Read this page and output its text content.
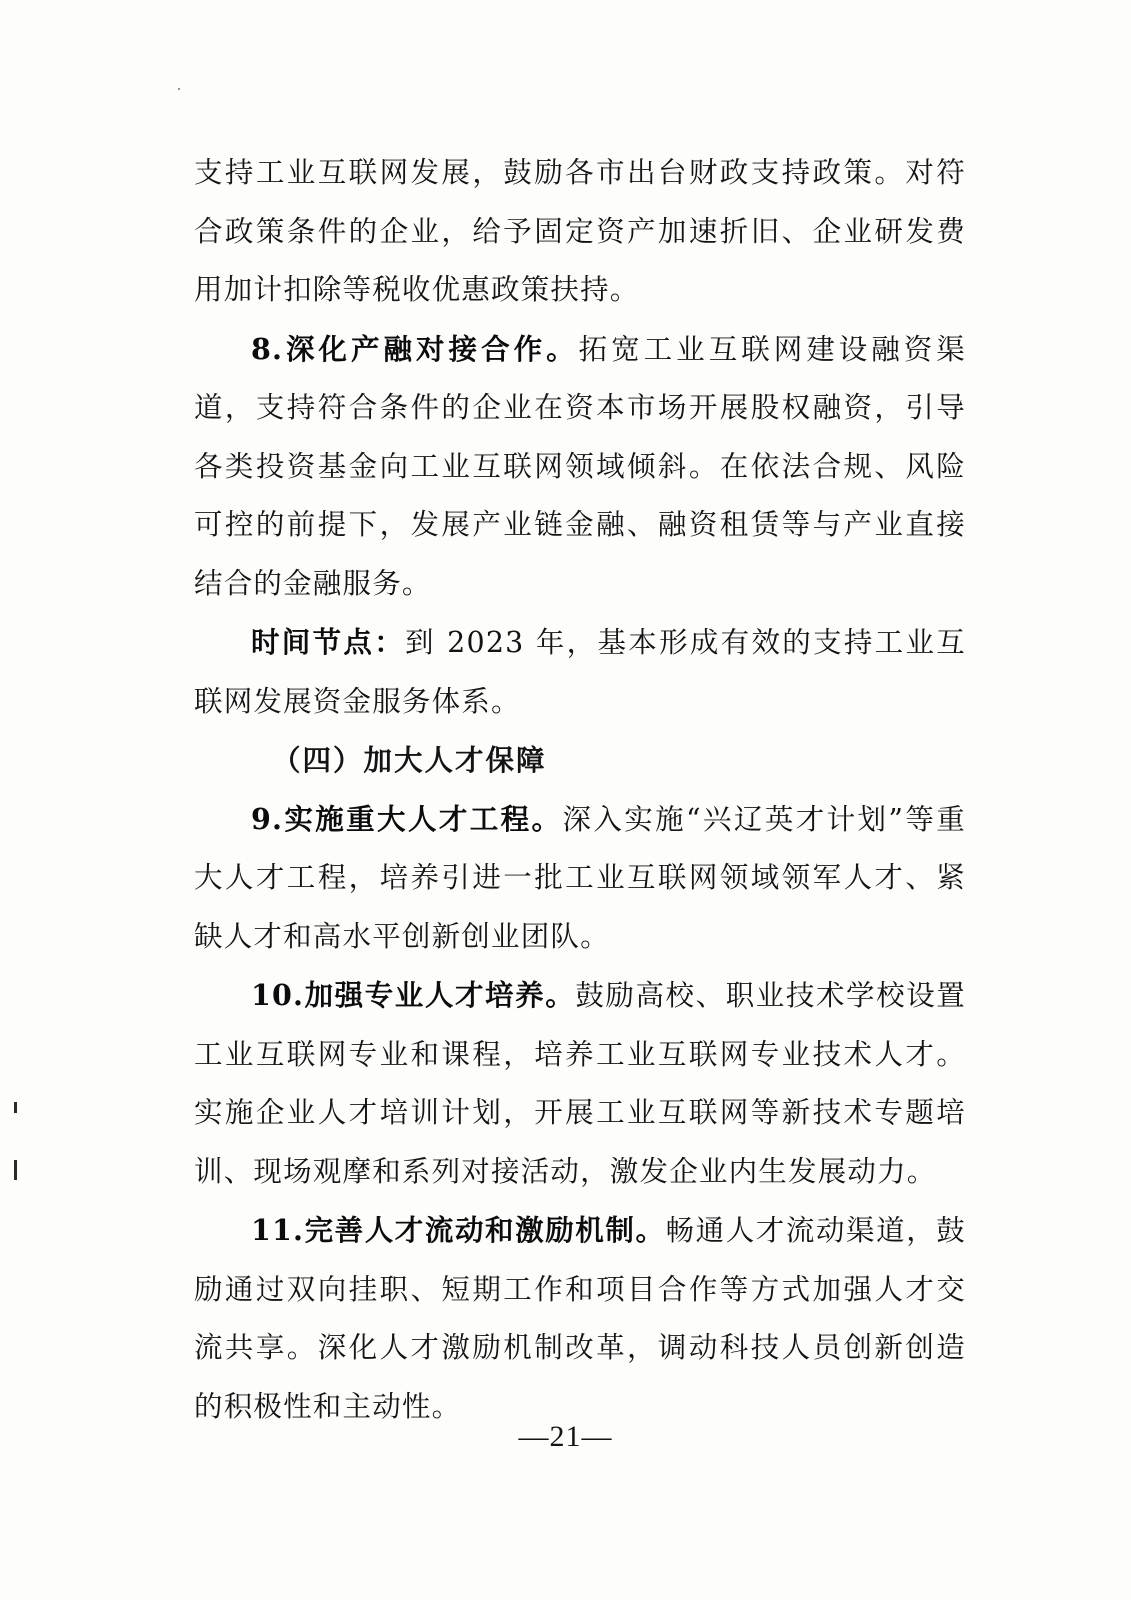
支持工业互联网发展，鼓励各市出台财政支持政策。对符合政策条件的企业，给予固定资产加速折旧、企业研发费用加计扣除等税收优惠政策扶持。

8.深化产融对接合作。拓宽工业互联网建设融资渠道，支持符合条件的企业在资本市场开展股权融资，引导各类投资基金向工业互联网领域倾斜。在依法合规、风险可控的前提下，发展产业链金融、融资租赁等与产业直接结合的金融服务。

时间节点：到 2023 年，基本形成有效的支持工业互联网发展资金服务体系。

（四）加大人才保障

9.实施重大人才工程。深入实施“兴辽英才计划”等重大人才工程，培养引进一批工业互联网领域领军人才、紧缺人才和高水平创新创业团队。

10.加强专业人才培养。鼓励高校、职业技术学校设置工业互联网专业和课程，培养工业互联网专业技术人才。实施企业人才培训计划，开展工业互联网等新技术专题培训、现场观摩和系列对接活动，激发企业内生发展动力。

11.完善人才流动和激励机制。畅通人才流动渠道，鼓励通过双向挂职、短期工作和项目合作等方式加强人才交流共享。深化人才激励机制改革，调动科技人员创新创造的积极性和主动性。

—21—
